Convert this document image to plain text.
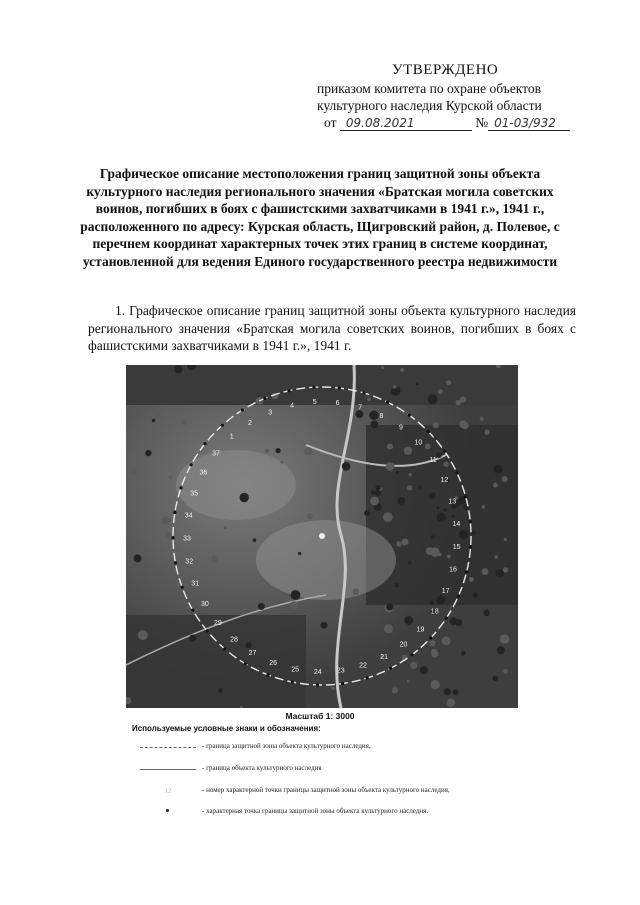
УТВЕРЖДЕНО
приказом комитета по охране объектов
культурного наследия Курской области
от 09.08.2021	№ 01-03/932
Графическое описание местоположения границ защитной зоны объекта культурного наследия регионального значения «Братская могила советских воинов, погибших в боях с фашистскими захватчиками в 1941 г.», 1941 г., расположенного по адресу: Курская область, Щигровский район, д. Полевое, с перечнем координат характерных точек этих границ в системе координат, установленной для ведения Единого государственного реестра недвижимости
1. Графическое описание границ защитной зоны объекта культурного наследия регионального значения «Братская могила советских воинов, погибших в боях с фашистскими захватчиками в 1941 г.», 1941 г.
1
2
3
4	5	6
7
8
9
10
11
12
13
14
15
16
17
18
19
20
21
22
23
24
25
26
27
28
29
30
31
32
33
34
35
36
37
Масштаб 1: 3000
Используемые условные знаки и обозначения:
- граница защитной зоны объекта культурного наследия,
- граница объекта культурного наследия
12	- номер характерной точки границы защитной зоны объекта культурного наследия,
- характерная точка границы защитной зоны объекта культурного наследия.
